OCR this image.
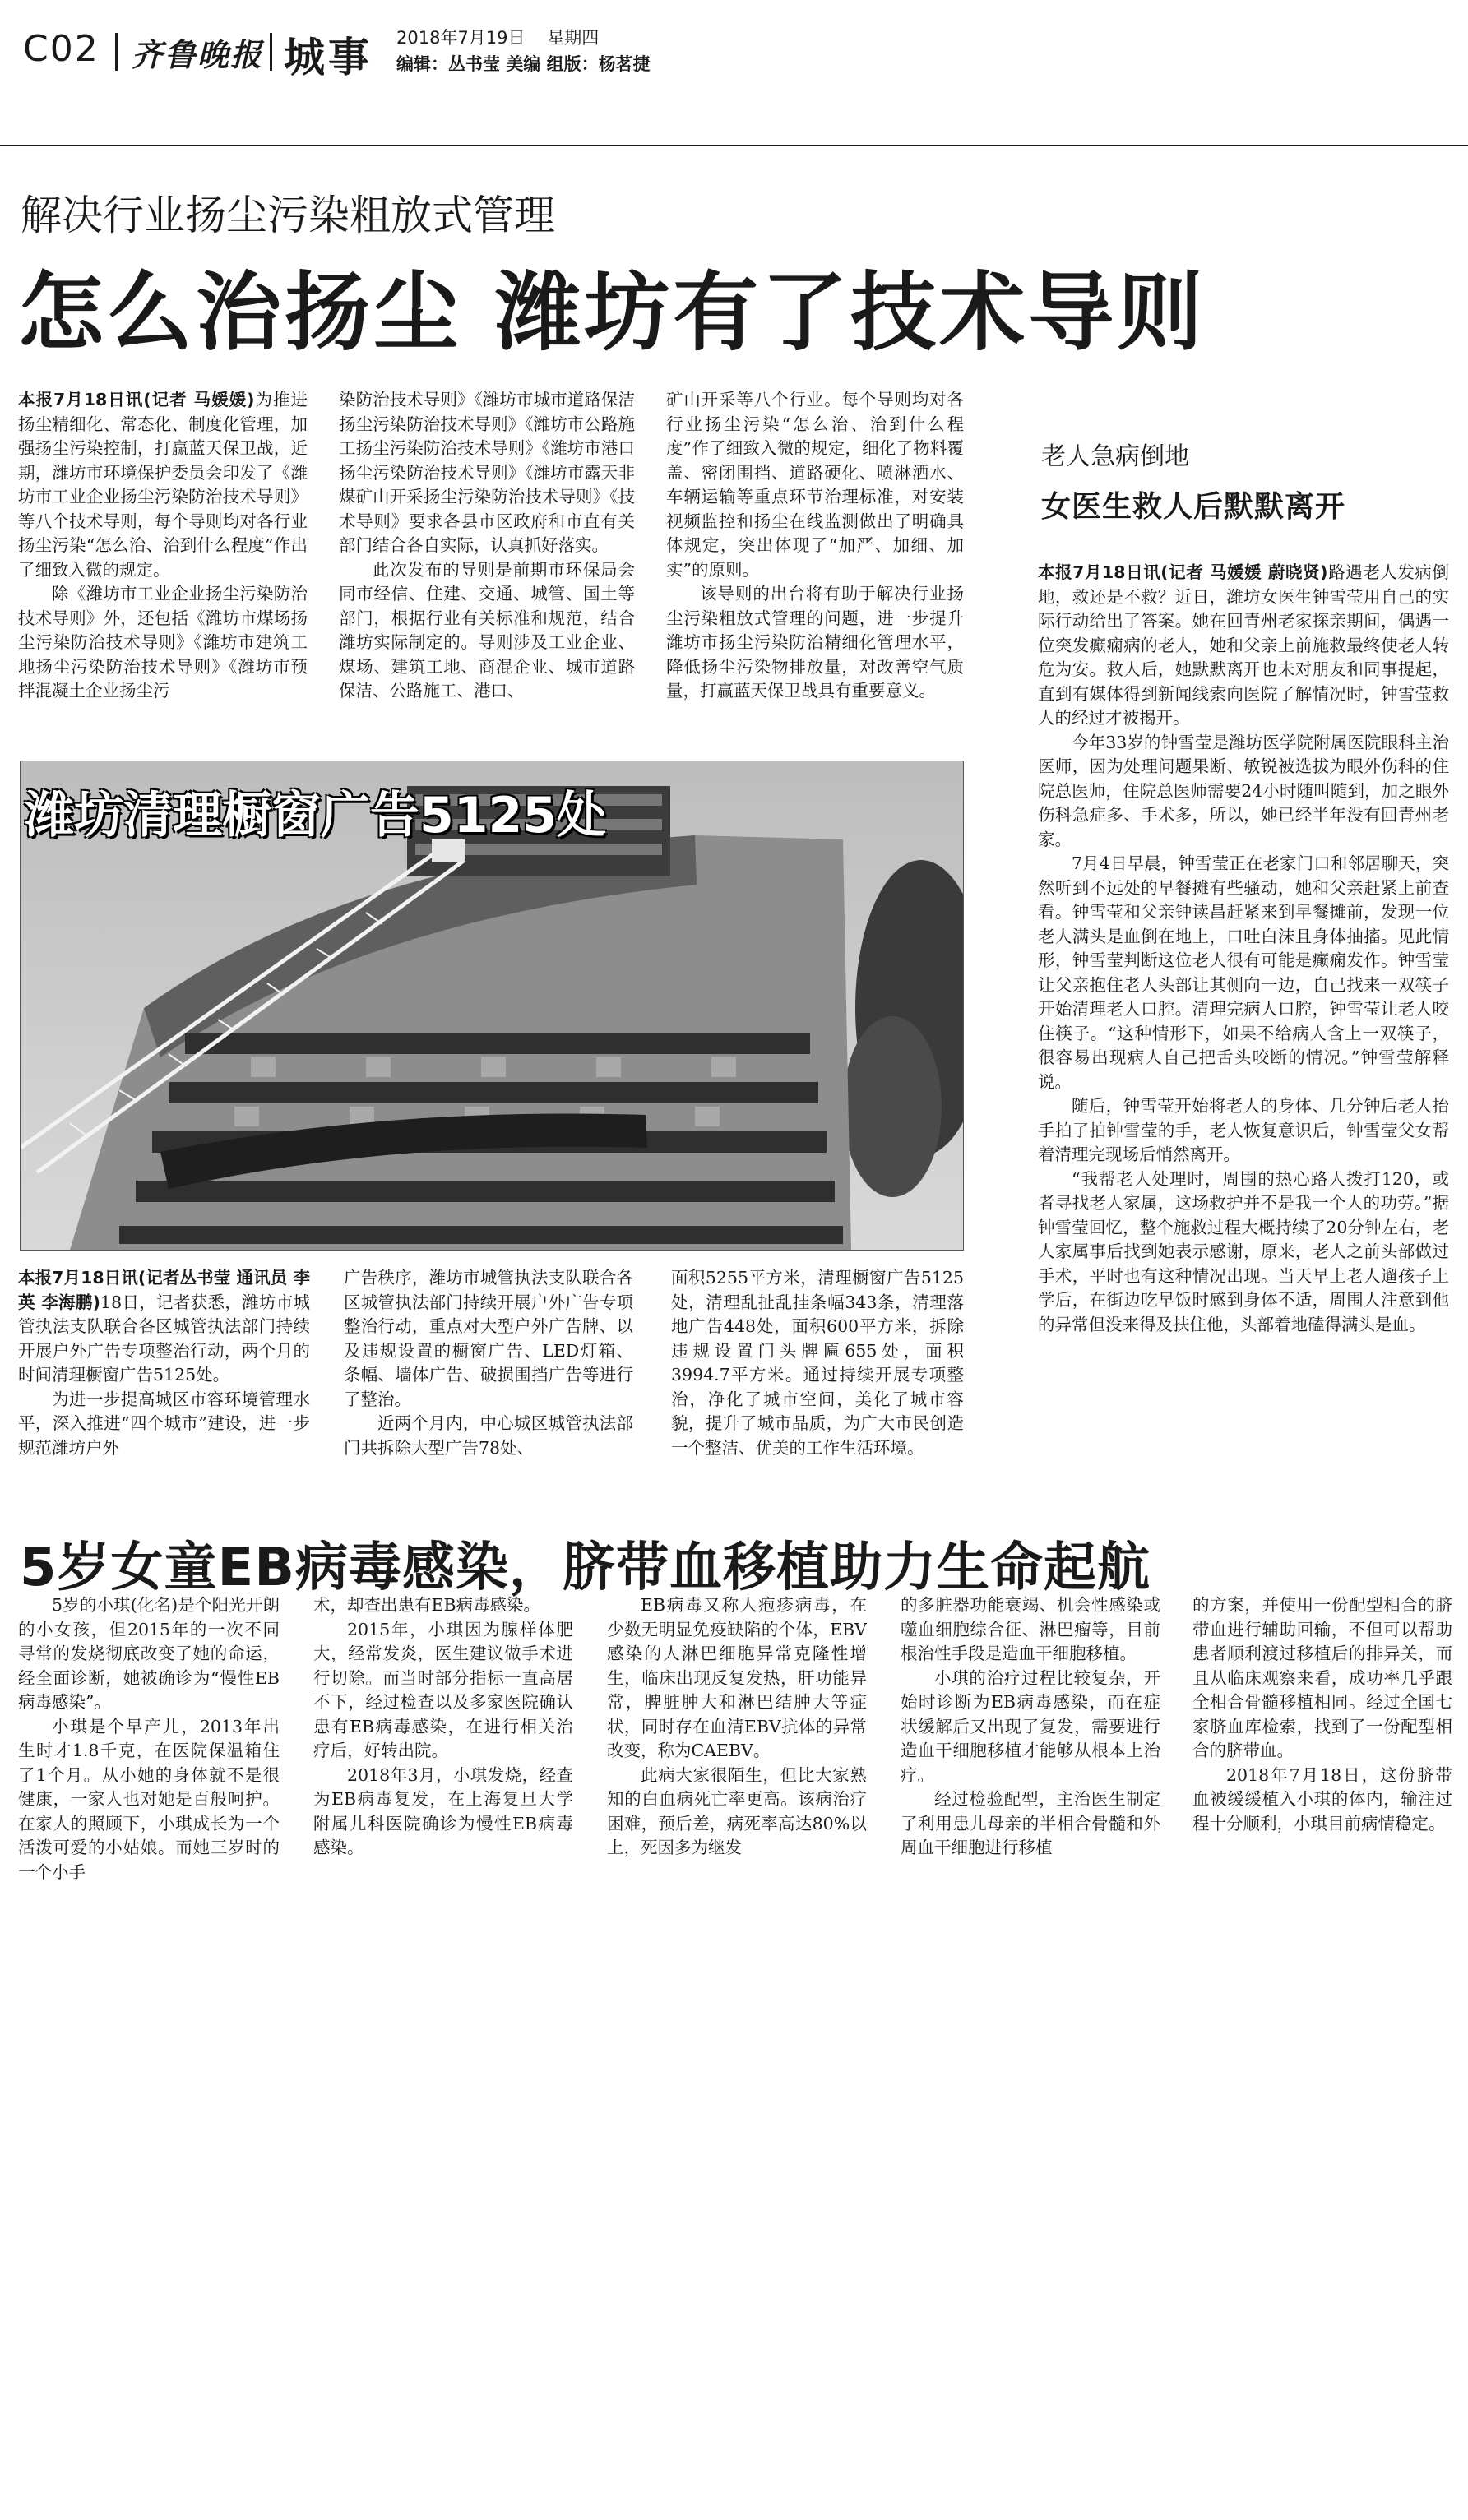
C02 齐鲁晚报 城事 2018年7月19日 星期四
编辑：丛书莹 美编 组版：杨茗捷
解决行业扬尘污染粗放式管理
怎么治扬尘 潍坊有了技术导则

本报7月18日讯(记者 马媛媛)为推进扬尘精细化、常态化、制度化管理，加强扬尘污染控制，打赢蓝天保卫战，近期，潍坊市环境保护委员会印发了《潍坊市工业企业扬尘污染防治技术导则》等八个技术导则，每个导则均对各行业扬尘污染“怎么治、治到什么程度”作出了细致入微的规定。

除《潍坊市工业企业扬尘污染防治技术导则》外，还包括《潍坊市煤场扬尘污染防治技术导则》《潍坊市建筑工地扬尘污染防治技术导则》《潍坊市预拌混凝土企业扬尘污

染防治技术导则》《潍坊市城市道路保洁扬尘污染防治技术导则》《潍坊市公路施工扬尘污染防治技术导则》《潍坊市港口扬尘污染防治技术导则》《潍坊市露天非煤矿山开采扬尘污染防治技术导则》《技术导则》要求各县市区政府和市直有关部门结合各自实际，认真抓好落实。

此次发布的导则是前期市环保局会同市经信、住建、交通、城管、国土等部门，根据行业有关标准和规范，结合潍坊实际制定的。导则涉及工业企业、煤场、建筑工地、商混企业、城市道路保洁、公路施工、港口、

矿山开采等八个行业。每个导则均对各行业扬尘污染“怎么治、治到什么程度”作了细致入微的规定，细化了物料覆盖、密闭围挡、道路硬化、喷淋洒水、车辆运输等重点环节治理标准，对安装视频监控和扬尘在线监测做出了明确具体规定，突出体现了“加严、加细、加实”的原则。

该导则的出台将有助于解决行业扬尘污染粗放式管理的问题，进一步提升潍坊市扬尘污染防治精细化管理水平，降低扬尘污染物排放量，对改善空气质量，打赢蓝天保卫战具有重要意义。

潍坊清理橱窗广告5125处

本报7月18日讯(记者丛书莹 通讯员 李英 李海鹏)18日，记者获悉，潍坊市城管执法支队联合各区城管执法部门持续开展户外广告专项整治行动，两个月的时间清理橱窗广告5125处。

为进一步提高城区市容环境管理水平，深入推进“四个城市”建设，进一步规范潍坊户外

广告秩序，潍坊市城管执法支队联合各区城管执法部门持续开展户外广告专项整治行动，重点对大型户外广告牌、以及违规设置的橱窗广告、LED灯箱、条幅、墙体广告、破损围挡广告等进行了整治。

近两个月内，中心城区城管执法部门共拆除大型广告78处、

面积5255平方米，清理橱窗广告5125处，清理乱扯乱挂条幅343条，清理落地广告448处，面积600平方米，拆除违规设置门头牌匾655处，面积3994.7平方米。通过持续开展专项整治，净化了城市空间，美化了城市容貌，提升了城市品质，为广大市民创造一个整洁、优美的工作生活环境。

老人急病倒地
女医生救人后默默离开

本报7月18日讯(记者 马媛媛 蔚晓贤)路遇老人发病倒地，救还是不救？近日，潍坊女医生钟雪莹用自己的实际行动给出了答案。她在回青州老家探亲期间，偶遇一位突发癫痫病的老人，她和父亲上前施救最终使老人转危为安。救人后，她默默离开也未对朋友和同事提起，直到有媒体得到新闻线索向医院了解情况时，钟雪莹救人的经过才被揭开。

今年33岁的钟雪莹是潍坊医学院附属医院眼科主治医师，因为处理问题果断、敏锐被选拔为眼外伤科的住院总医师，住院总医师需要24小时随叫随到，加之眼外伤科急症多、手术多，所以，她已经半年没有回青州老家。

7月4日早晨，钟雪莹正在老家门口和邻居聊天，突然听到不远处的早餐摊有些骚动，她和父亲赶紧上前查看。钟雪莹和父亲钟读昌赶紧来到早餐摊前，发现一位老人满头是血倒在地上，口吐白沫且身体抽搐。见此情形，钟雪莹判断这位老人很有可能是癫痫发作。钟雪莹让父亲抱住老人头部让其侧向一边，自己找来一双筷子开始清理老人口腔。清理完病人口腔，钟雪莹让老人咬住筷子。“这种情形下，如果不给病人含上一双筷子，很容易出现病人自己把舌头咬断的情况。”钟雪莹解释说。

随后，钟雪莹开始将老人的身体、几分钟后老人抬手拍了拍钟雪莹的手，老人恢复意识后，钟雪莹父女帮着清理完现场后悄然离开。

“我帮老人处理时，周围的热心路人拨打120，或者寻找老人家属，这场救护并不是我一个人的功劳。”据钟雪莹回忆，整个施救过程大概持续了20分钟左右，老人家属事后找到她表示感谢，原来，老人之前头部做过手术，平时也有这种情况出现。当天早上老人遛孩子上学后，在街边吃早饭时感到身体不适，周围人注意到他的异常但没来得及扶住他，头部着地磕得满头是血。

5岁女童EB病毒感染，脐带血移植助力生命起航

5岁的小琪(化名)是个阳光开朗的小女孩，但2015年的一次不同寻常的发烧彻底改变了她的命运，经全面诊断，她被确诊为“慢性EB病毒感染”。

小琪是个早产儿，2013年出生时才1.8千克，在医院保温箱住了1个月。从小她的身体就不是很健康，一家人也对她是百般呵护。在家人的照顾下，小琪成长为一个活泼可爱的小姑娘。而她三岁时的一个小手

术，却查出患有EB病毒感染。

2015年，小琪因为腺样体肥大，经常发炎，医生建议做手术进行切除。而当时部分指标一直高居不下，经过检查以及多家医院确认患有EB病毒感染，在进行相关治疗后，好转出院。

2018年3月，小琪发烧，经查为EB病毒复发，在上海复旦大学附属儿科医院确诊为慢性EB病毒感染。

EB病毒又称人疱疹病毒，在少数无明显免疫缺陷的个体，EBV感染的人淋巴细胞异常克隆性增生，临床出现反复发热，肝功能异常，脾脏肿大和淋巴结肿大等症状，同时存在血清EBV抗体的异常改变，称为CAEBV。

此病大家很陌生，但比大家熟知的白血病死亡率更高。该病治疗困难，预后差，病死率高达80%以上，死因多为继发

的多脏器功能衰竭、机会性感染或噬血细胞综合征、淋巴瘤等，目前根治性手段是造血干细胞移植。

小琪的治疗过程比较复杂，开始时诊断为EB病毒感染，而在症状缓解后又出现了复发，需要进行造血干细胞移植才能够从根本上治疗。

经过检验配型，主治医生制定了利用患儿母亲的半相合骨髓和外周血干细胞进行移植

的方案，并使用一份配型相合的脐带血进行辅助回输，不但可以帮助患者顺利渡过移植后的排异关，而且从临床观察来看，成功率几乎跟全相合骨髓移植相同。经过全国七家脐血库检索，找到了一份配型相合的脐带血。

2018年7月18日，这份脐带血被缓缓植入小琪的体内，输注过程十分顺利，小琪目前病情稳定。
